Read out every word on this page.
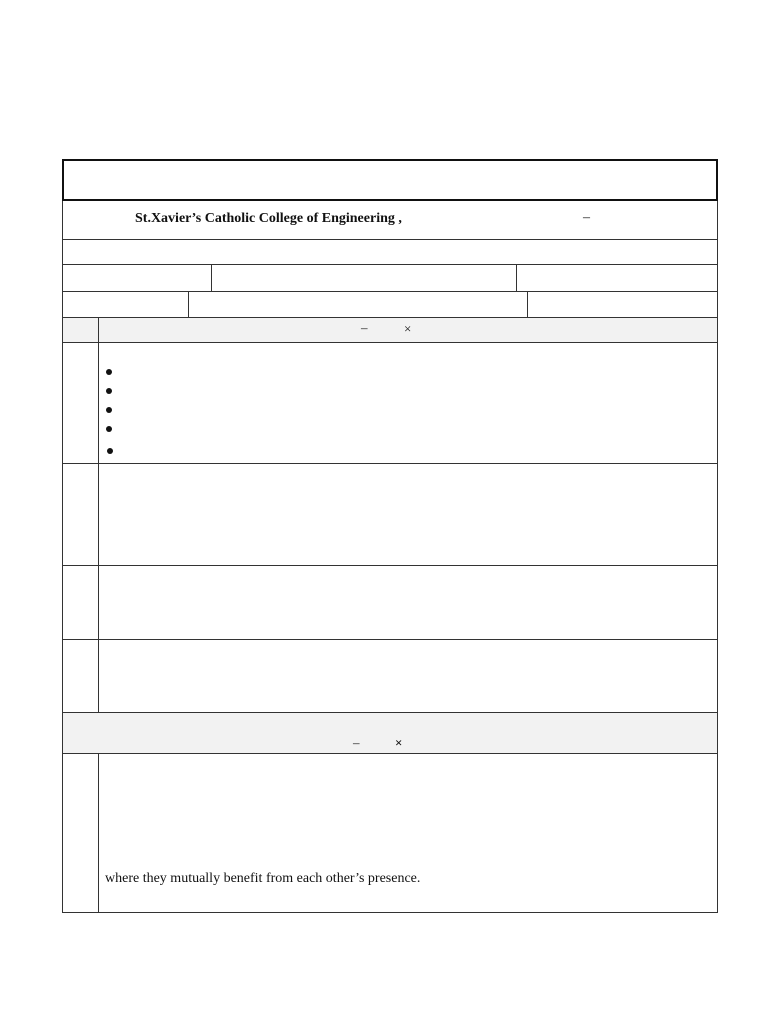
St.Xavier’s Catholic College of Engineering ,	–
–	×
–	×
where they mutually benefit from each other’s presence.
